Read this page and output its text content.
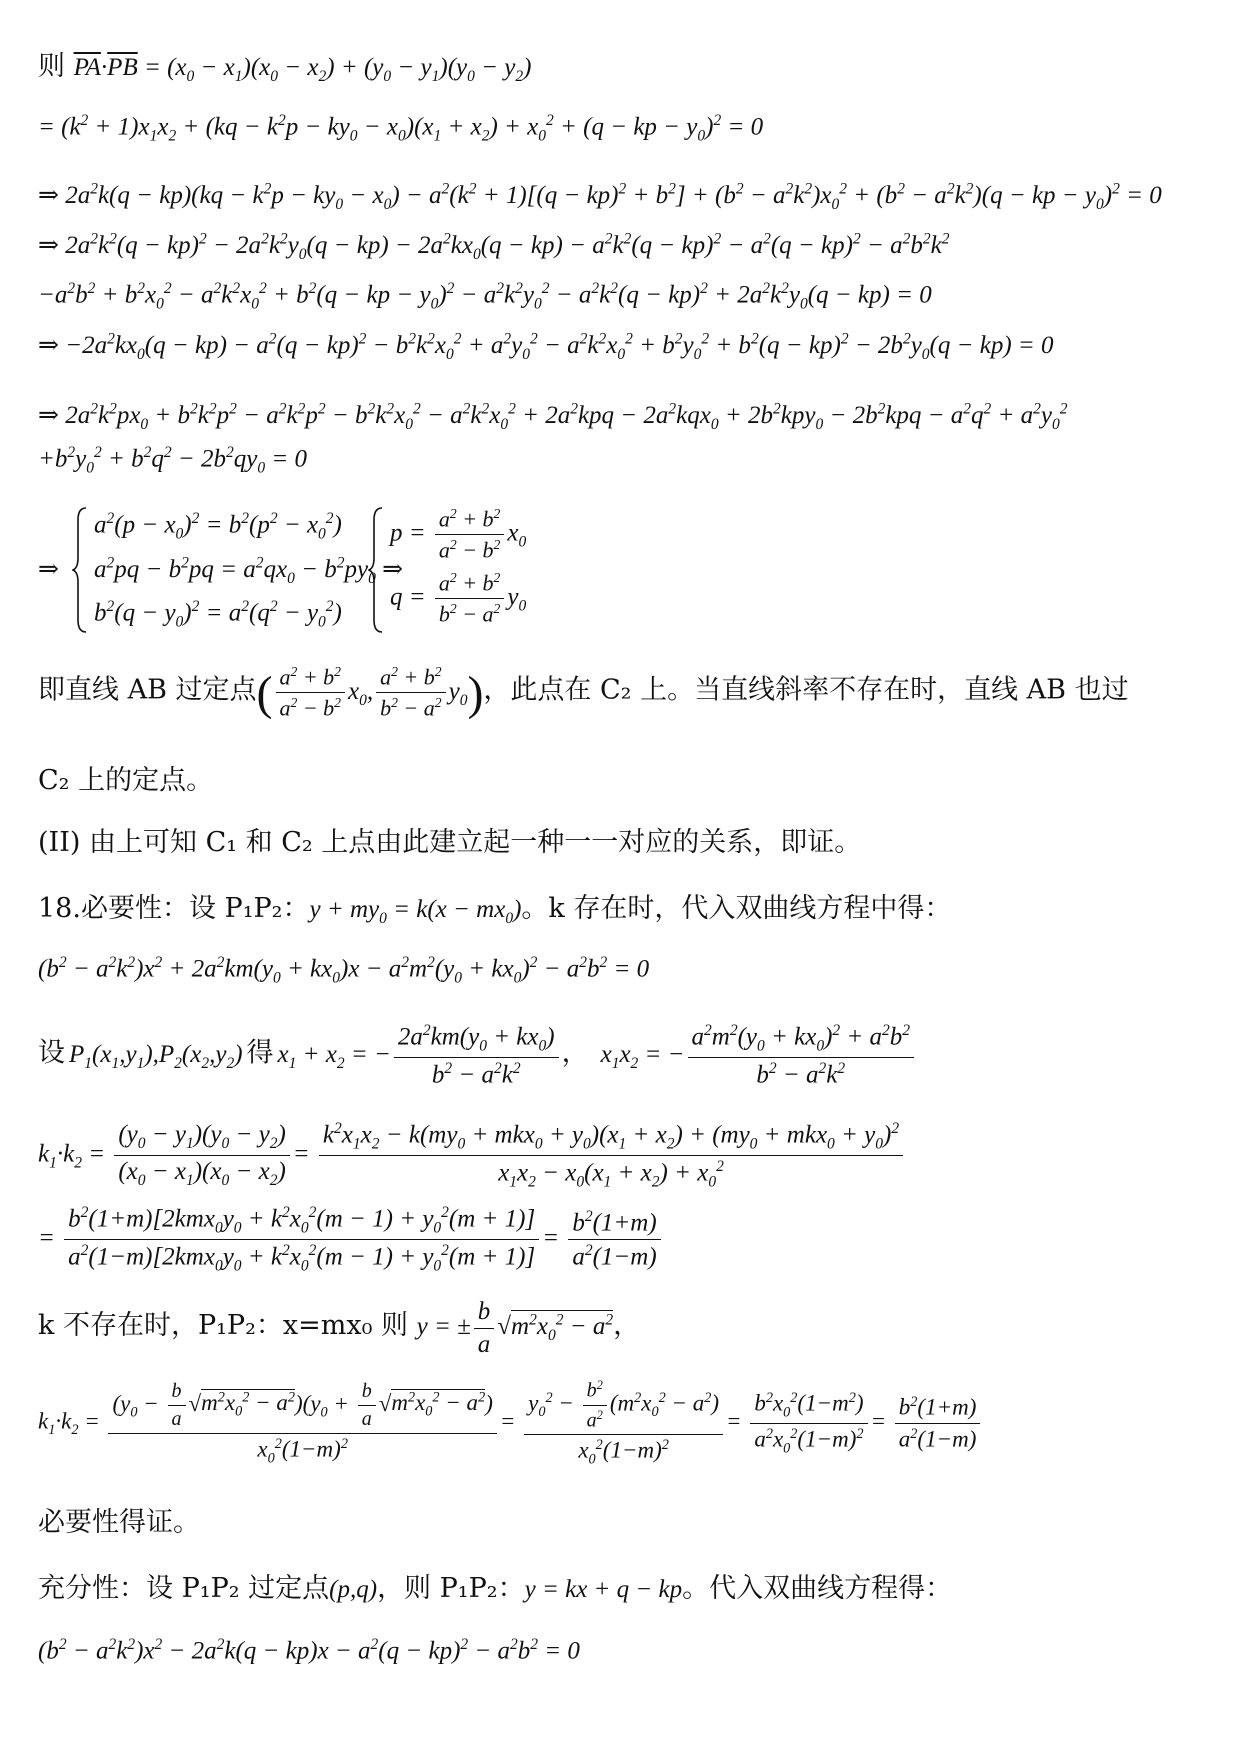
则 $\overline{PA}\cdot\overline{PB} = (x_0 - x_1)(x_0 - x_2) + (y_0 - y_1)(y_0 - y_2)$
= $(k^2 + 1)x_1x_2 + (kq - k^2p - ky_0 - x_0)(x_1 + x_2) + x_0^2 + (q$ − kp − $y_0)^2 = 0$
⇒ $2a^2k(q - kp)(kq - k^2p - ky_0 - x_0) - a^2(k^2 + 1)[(q - kp)^2 + b^2] + (b^2 - a^2k^2)x_0^2 + (b^2 - a^2k^2)(q$ − kp − $y_0)^2 = 0$
⇒ $2a^2k^2(q - kp)^2 - 2a^2k^2y_0(q - kp) - 2a^2kx_0(q - kp) - a^2k^2(q - kp)^2 - a^2(q - kp)^2 - a^2b^2k^2$
$-a^2b^2 + b^2x_0^2 - a^2k^2x_0^2 + b^2(q$ − kp − $y_0)^2 - a^2k^2y_0^2 - a^2k^2(q - kp)^2 + 2a^2k^2y_0(q - kp) = 0$
⇒ $-2a^2kx_0(q - kp) - a^2(q - kp)^2 - b^2k^2x_0^2 + a^2y_0^2 - a^2k^2x_0^2 + b^2y_0^2 + b^2(q - kp)^2 - 2b^2y_0(q - kp) = 0$
⇒ $2a^2k^2px_0 + b^2k^2p^2 - a^2k^2p^2 - b^2k^2x_0^2 - a^2k^2x_0^2 + 2a^2kpq - 2a^2kqx_0 + 2b^2kpy_0 - 2b^2kpq - a^2q^2 + a^2y_0^2$
$+b^2y_0^2 + b^2q^2 - 2b^2qy_0 = 0$
⇒
$a^2(p - x_0)^2 = b^2(p^2 - x_0^2)$
$a^2pq - b^2pq = a^2qx_0 - b^2py_0$ ⇒
$b^2(q - y_0)^2 = a^2(q^2 - y_0^2)$
$p = \frac{a^2 + b^2}{a^2 - b^2} x_0$
$q = \frac{a^2 + b^2}{b^2 - a^2} y_0$
即直线 AB 过定点( $\frac{a^2 + b^2}{a^2 - b^2} x_0$, $\frac{a^2 + b^2}{b^2 - a^2} y_0$)，此点在 C₂ 上。当直线斜率不存在时，直线 AB 也过
C₂ 上的定点。
(II) 由上可知 C₁ 和 C₂ 上点由此建立起一种一一对应的关系，即证。
18.必要性：设 P₁P₂：$y + my_0 = k(x - mx_0)$。k 存在时，代入双曲线方程中得：
$(b^2 - a^2k^2)x^2 + 2a^2km(y_0 + kx_0)x - a^2m^2(y_0 + kx_0)^2 - a^2b^2 = 0$
设 $P_1(x_1,y_1),P_2(x_2,y_2)$ 得 $x_1 + x_2$ = − $\frac{2a^2km(y_0 + kx_0)}{b^2 - a^2k^2}$ ， $x_1x_2$ = − $\frac{a^2m^2(y_0 + kx_0)^2 + a^2b^2}{b^2 - a^2k^2}$
$k_1\cdot k_2 = \frac{(y_0 - y_1)(y_0 - y_2)}{(x_0 - x_1)(x_0 - x_2)} = \frac{k^2x_1x_2 - k(my_0 + mkx_0 + y_0)(x_1 + x_2) + (my_0 + mkx_0 + y_0)^2}{x_1x_2 - x_0(x_1 + x_2) + x_0^2}$
= $\frac{b^2(1+m)[2kmx_0y_0 + k^2x_0^2(m - 1) + y_0^2(m + 1)]}{a^2(1-m)[2kmx_0y_0 + k^2x_0^2(m - 1) + y_0^2(m + 1)]} = \frac{b^2(1+m)}{a^2(1-m)}$
k 不存在时，P₁P₂：x=mx₀ 则 y = ± $\frac{b}{a} √m^2x_0^2 - a^2$，
$k_1\cdot k_2 = \frac{(y_0 - \frac{b}{a} √m^2x_0^2 - a^2)(y_0 + \frac{b}{a} √m^2x_0^2 - a^2)}{x_0^2(1-m)^2} = \frac{y_0^2 - \frac{b^2}{a^2} (m^2x_0^2 - a^2)}{x_0^2(1-m)^2} = \frac{b^2x_0^2(1-m^2)}{a^2x_0^2(1-m)^2} = \frac{b^2(1+m)}{a^2(1-m)}$
必要性得证。
充分性：设 P₁P₂ 过定点(p,q)，则 P₁P₂：y = kx + q − kp。代入双曲线方程得：
$(b^2 - a^2k^2)x^2 - 2a^2k(q - kp)x - a^2(q - kp)^2 - a^2b^2 = 0$
